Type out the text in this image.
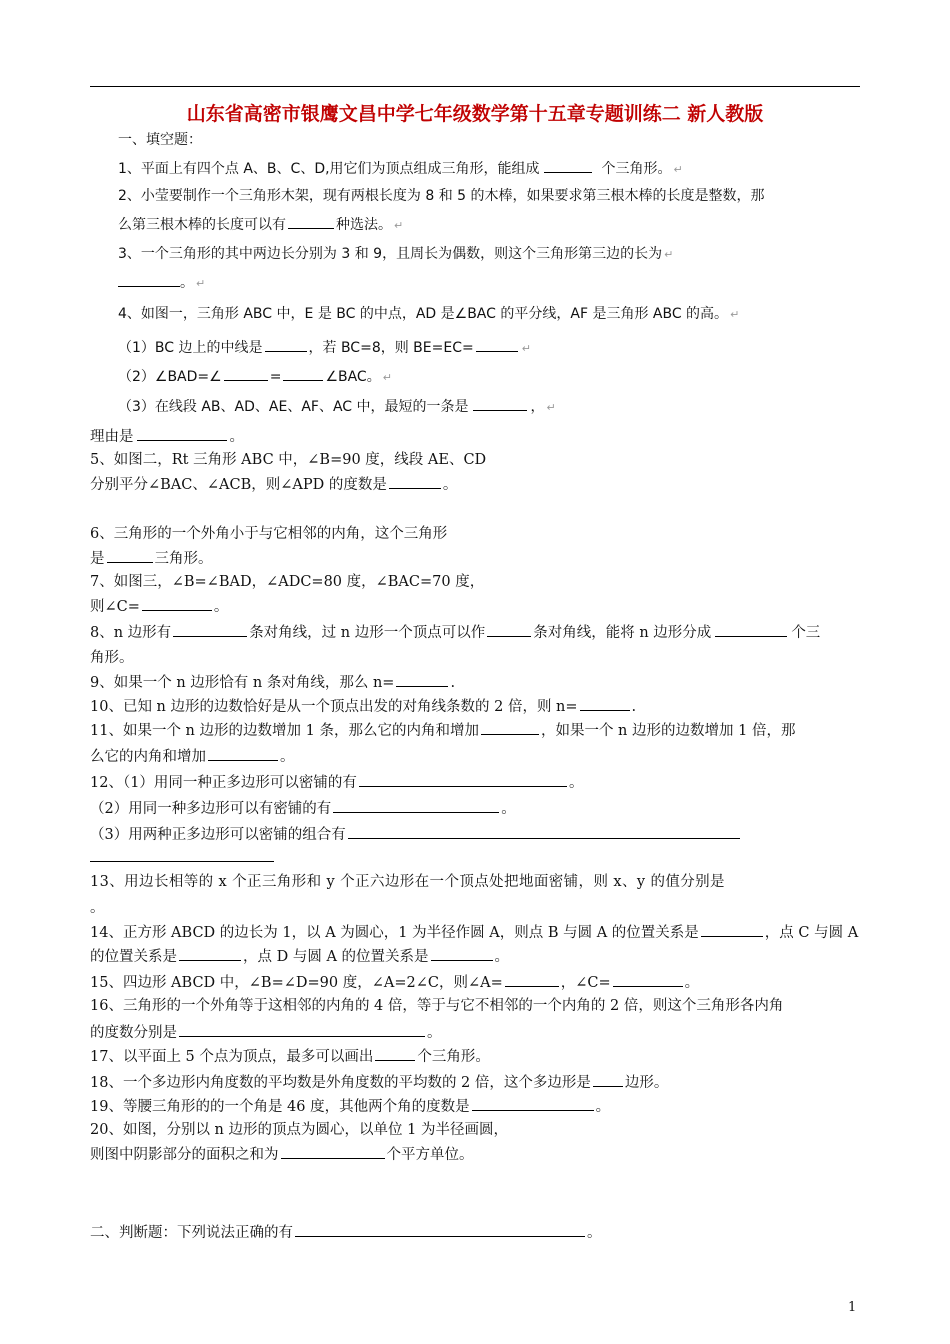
山东省高密市银鹰文昌中学七年级数学第十五章专题训练二 新人教版
一、填空题：
1、平面上有四个点 A、B、C、D,用它们为顶点组成三角形，能组成	个三角形。 ↵
2、小莹要制作一个三角形木架，现有两根长度为 8 和 5 的木棒，如果要求第三根木棒的长度是整数，那
么第三根木棒的长度可以有	种选法。 ↵
3、一个三角形的其中两边长分别为 3 和 9，且周长为偶数，则这个三角形第三边的长为 ↵
。 ↵
4、如图一，三角形 ABC 中，E 是 BC 的中点，AD 是∠BAC 的平分线，AF 是三角形 ABC 的高。 ↵
（1）BC 边上的中线是	，若 BC=8，则 BE=EC=	↵
（2）∠BAD=∠	=	∠BAC。 ↵
（3）在线段 AB、AD、AE、AF、AC 中，最短的一条是	， ↵
理由是	。
5、如图二，Rt 三角形 ABC 中，∠B=90 度，线段 AE、CD
分别平分∠BAC、∠ACB，则∠APD 的度数是	。
6、三角形的一个外角小于与它相邻的内角，这个三角形
是	三角形。
7、如图三，∠B=∠BAD，∠ADC=80 度，∠BAC=70 度，
则∠C=	。
8、n 边形有	条对角线，过 n 边形一个顶点可以作	条对角线，能将 n 边形分成	个三
角形。
9、如果一个 n 边形恰有 n 条对角线，那么 n=	.
10、已知 n 边形的边数恰好是从一个顶点出发的对角线条数的 2 倍，则 n=	.
11、如果一个 n 边形的边数增加 1 条，那么它的内角和增加	，如果一个 n 边形的边数增加 1 倍，那
么它的内角和增加	。
12、（1）用同一种正多边形可以密铺的有	。
（2）用同一种多边形可以有密铺的有	。
（3）用两种正多边形可以密铺的组合有
13、用边长相等的 x 个正三角形和 y 个正六边形在一个顶点处把地面密铺，则 x、y 的值分别是
。
14、正方形 ABCD 的边长为 1，以 A 为圆心，1 为半径作圆 A，则点 B 与圆 A 的位置关系是	，点 C 与圆 A
的位置关系是	，点 D 与圆 A 的位置关系是	。
15、四边形 ABCD 中，∠B=∠D=90 度，∠A=2∠C，则∠A=	，∠C=	。
16、三角形的一个外角等于这相邻的内角的 4 倍，等于与它不相邻的一个内角的 2 倍，则这个三角形各内角
的度数分别是	。
17、以平面上 5 个点为顶点，最多可以画出	个三角形。
18、一个多边形内角度数的平均数是外角度数的平均数的 2 倍，这个多边形是 边形。
19、等腰三角形的的一个角是 46 度，其他两个角的度数是	。
20、如图，分别以 n 边形的顶点为圆心，以单位 1 为半径画圆，
则图中阴影部分的面积之和为	个平方单位。
二、判断题：下列说法正确的有	。
1
